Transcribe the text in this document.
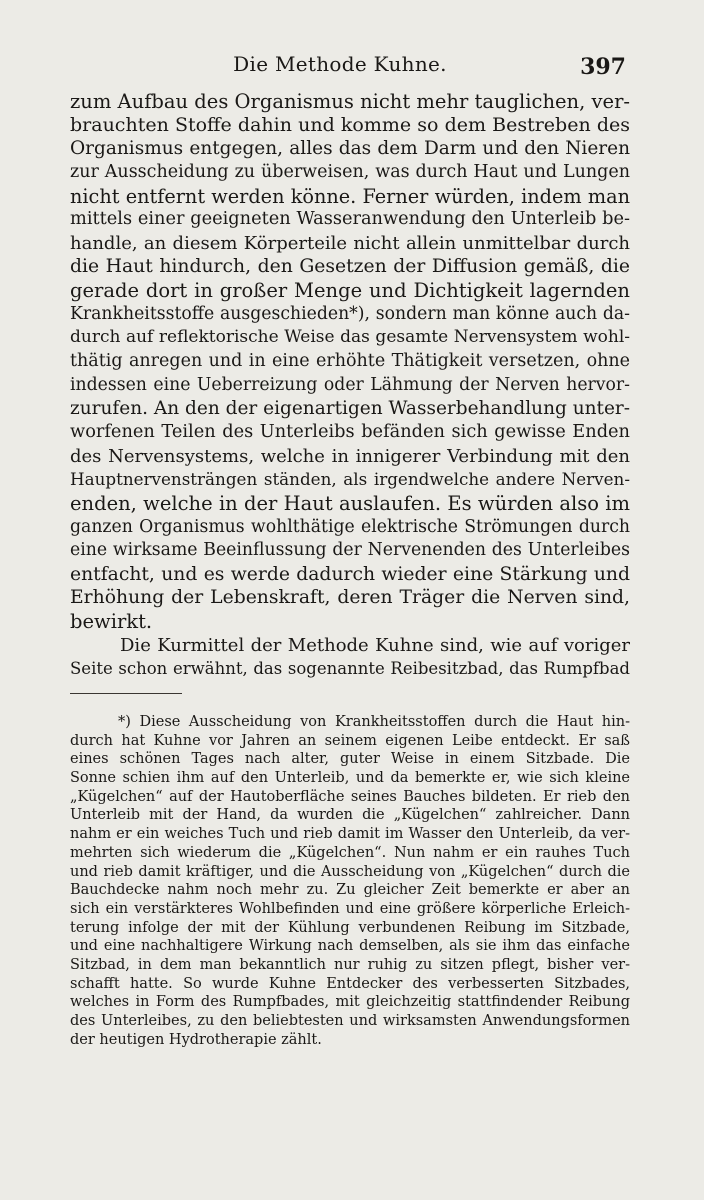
Die Methode Kuhne.	397
zum Aufbau des Organismus nicht mehr tauglichen, ver-
brauchten Stoffe dahin und komme so dem Bestreben des
Organismus entgegen, alles das dem Darm und den Nieren
zur Ausscheidung zu überweisen, was durch Haut und Lungen
nicht entfernt werden könne. Ferner würden, indem man
mittels einer geeigneten Wasseranwendung den Unterleib be-
handle, an diesem Körperteile nicht allein unmittelbar durch
die Haut hindurch, den Gesetzen der Diffusion gemäß, die
gerade dort in großer Menge und Dichtigkeit lagernden
Krankheitsstoffe ausgeschieden*), sondern man könne auch da-
durch auf reflektorische Weise das gesamte Nervensystem wohl-
thätig anregen und in eine erhöhte Thätigkeit versetzen, ohne
indessen eine Ueberreizung oder Lähmung der Nerven hervor-
zurufen. An den der eigenartigen Wasserbehandlung unter-
worfenen Teilen des Unterleibs befänden sich gewisse Enden
des Nervensystems, welche in innigerer Verbindung mit den
Hauptnervensträngen ständen, als irgendwelche andere Nerven-
enden, welche in der Haut auslaufen. Es würden also im
ganzen Organismus wohlthätige elektrische Strömungen durch
eine wirksame Beeinflussung der Nervenenden des Unterleibes
entfacht, und es werde dadurch wieder eine Stärkung und
Erhöhung der Lebenskraft, deren Träger die Nerven sind,
bewirkt.
Die Kurmittel der Methode Kuhne sind, wie auf voriger
Seite schon erwähnt, das sogenannte Reibesitzbad, das Rumpfbad
*) Diese Ausscheidung von Krankheitsstoffen durch die Haut hin-
durch hat Kuhne vor Jahren an seinem eigenen Leibe entdeckt. Er saß
eines schönen Tages nach alter, guter Weise in einem Sitzbade. Die
Sonne schien ihm auf den Unterleib, und da bemerkte er, wie sich kleine
„Kügelchen“ auf der Hautoberfläche seines Bauches bildeten. Er rieb den
Unterleib mit der Hand, da wurden die „Kügelchen“ zahlreicher. Dann
nahm er ein weiches Tuch und rieb damit im Wasser den Unterleib, da ver-
mehrten sich wiederum die „Kügelchen“. Nun nahm er ein rauhes Tuch
und rieb damit kräftiger, und die Ausscheidung von „Kügelchen“ durch die
Bauchdecke nahm noch mehr zu. Zu gleicher Zeit bemerkte er aber an
sich ein verstärkteres Wohlbefinden und eine größere körperliche Erleich-
terung infolge der mit der Kühlung verbundenen Reibung im Sitzbade,
und eine nachhaltigere Wirkung nach demselben, als sie ihm das einfache
Sitzbad, in dem man bekanntlich nur ruhig zu sitzen pflegt, bisher ver-
schafft hatte. So wurde Kuhne Entdecker des verbesserten Sitzbades,
welches in Form des Rumpfbades, mit gleichzeitig stattfindender Reibung
des Unterleibes, zu den beliebtesten und wirksamsten Anwendungsformen
der heutigen Hydrotherapie zählt.
